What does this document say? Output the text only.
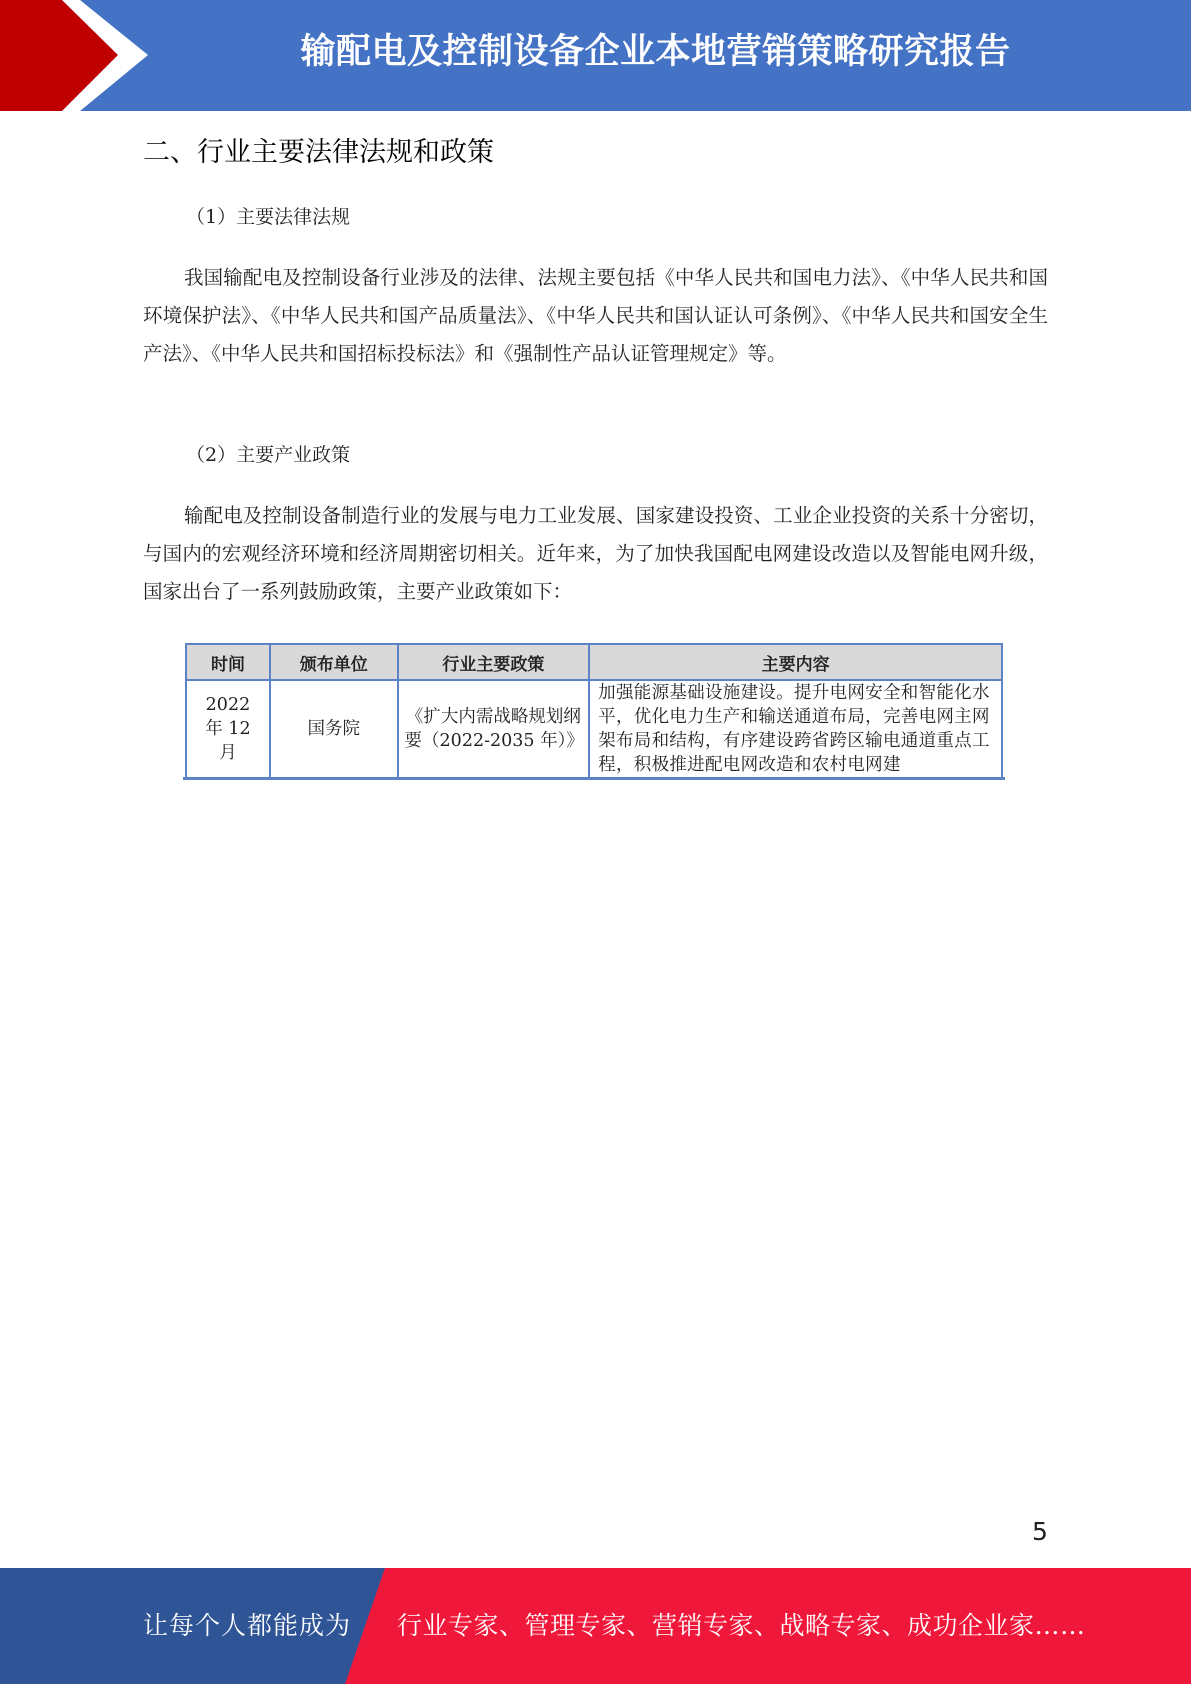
输配电及控制设备企业本地营销策略研究报告
二、行业主要法律法规和政策
（1）主要法律法规
我国输配电及控制设备行业涉及的法律、法规主要包括《中华人民共和国电力法》、《中华人民共和国环境保护法》、《中华人民共和国产品质量法》、《中华人民共和国认证认可条例》、《中华人民共和国安全生产法》、《中华人民共和国招标投标法》和《强制性产品认证管理规定》等。
（2）主要产业政策
输配电及控制设备制造行业的发展与电力工业发展、国家建设投资、工业企业投资的关系十分密切，与国内的宏观经济环境和经济周期密切相关。近年来，为了加快我国配电网建设改造以及智能电网升级，国家出台了一系列鼓励政策，主要产业政策如下：
时间	颁布单位	行业主要政策	主要内容

2022 年 12 月	国务院	《扩大内需战略规划纲要（2022-2035 年）》	加强能源基础设施建设。提升电网安全和智能化水平，优化电力生产和输送通道布局，完善电网主网架布局和结构，有序建设跨省跨区输电通道重点工程，积极推进配电网改造和农村电网建
5
让每个人都能成为 行业专家、管理专家、营销专家、战略专家、成功企业家……
